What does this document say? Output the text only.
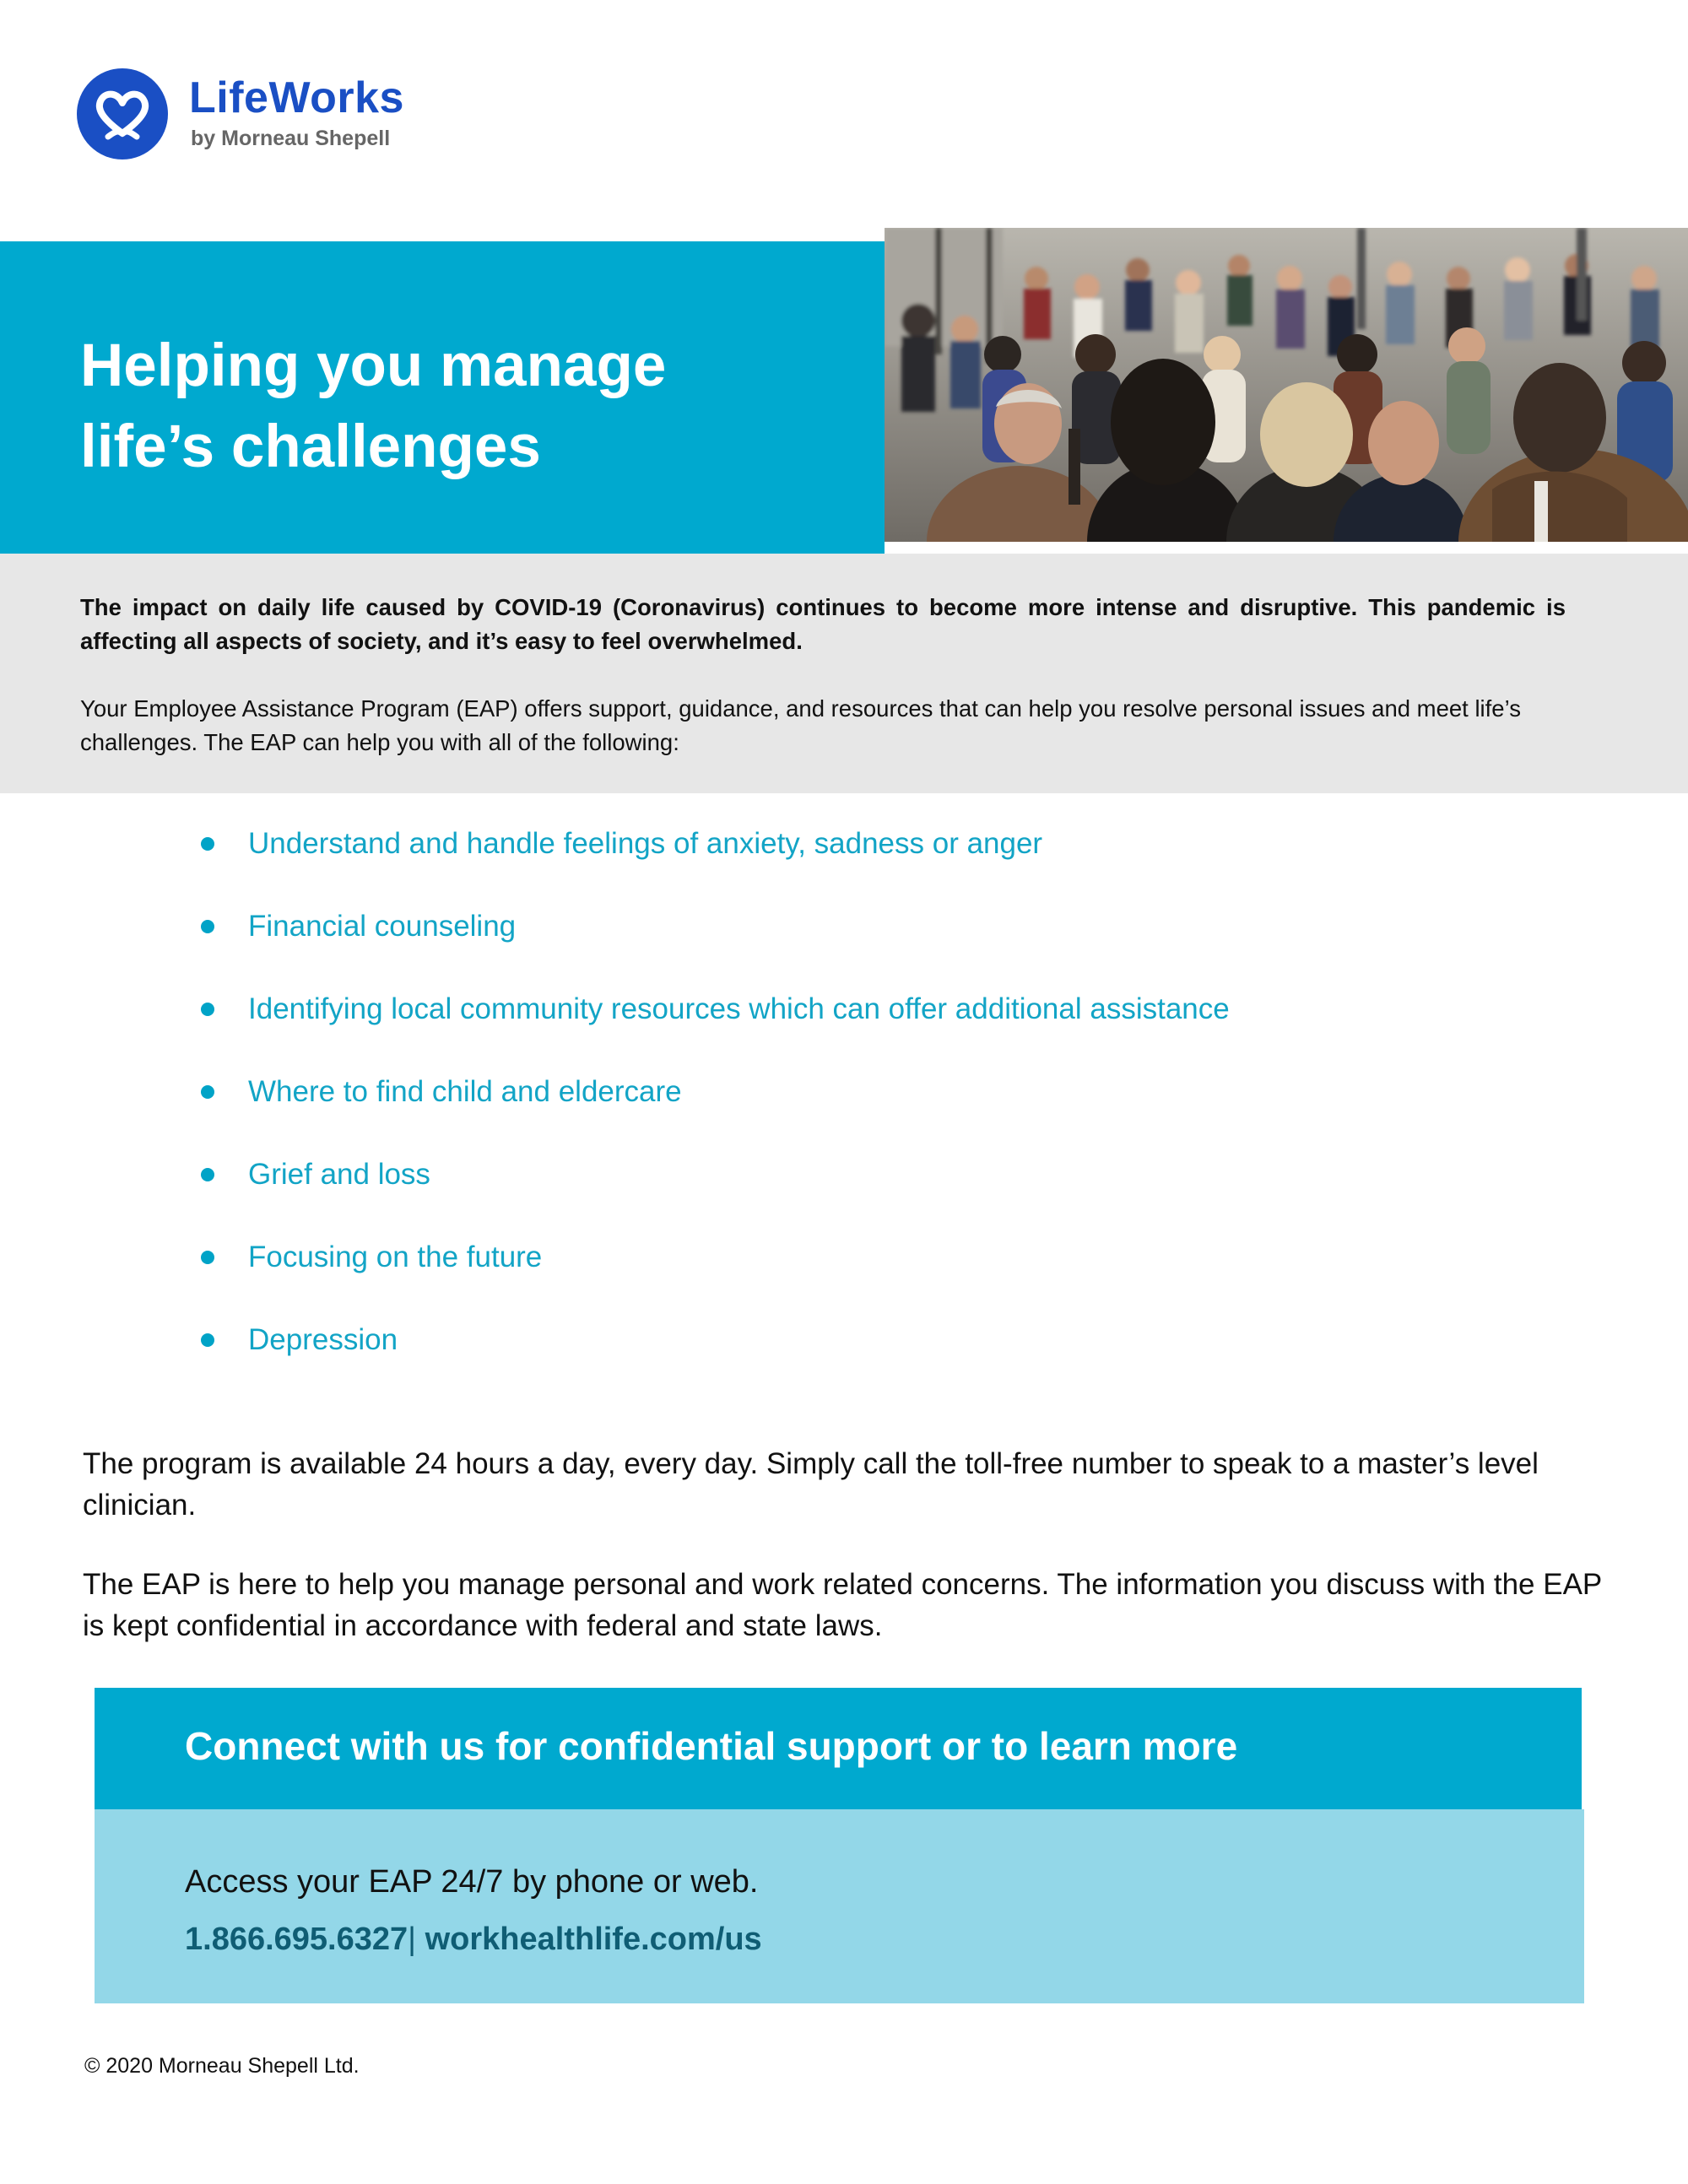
LifeWorks
by Morneau Shepell
Helping you manage
life’s challenges

The impact on daily life caused by COVID-19 (Coronavirus) continues to become more intense and disruptive. This pandemic is affecting all aspects of society, and it’s easy to feel overwhelmed.

Your Employee Assistance Program (EAP) offers support, guidance, and resources that can help you resolve personal issues and meet life’s challenges. The EAP can help you with all of the following:

Understand and handle feelings of anxiety, sadness or anger
Financial counseling
Identifying local community resources which can offer additional assistance
Where to find child and eldercare
Grief and loss
Focusing on the future
Depression

The program is available 24 hours a day, every day. Simply call the toll-free number to speak to a master’s level clinician.

The EAP is here to help you manage personal and work related concerns. The information you discuss with the EAP is kept confidential in accordance with federal and state laws.

Connect with us for confidential support or to learn more

Access your EAP 24/7 by phone or web.

1.866.695.6327| workhealthlife.com/us

© 2020 Morneau Shepell Ltd.
